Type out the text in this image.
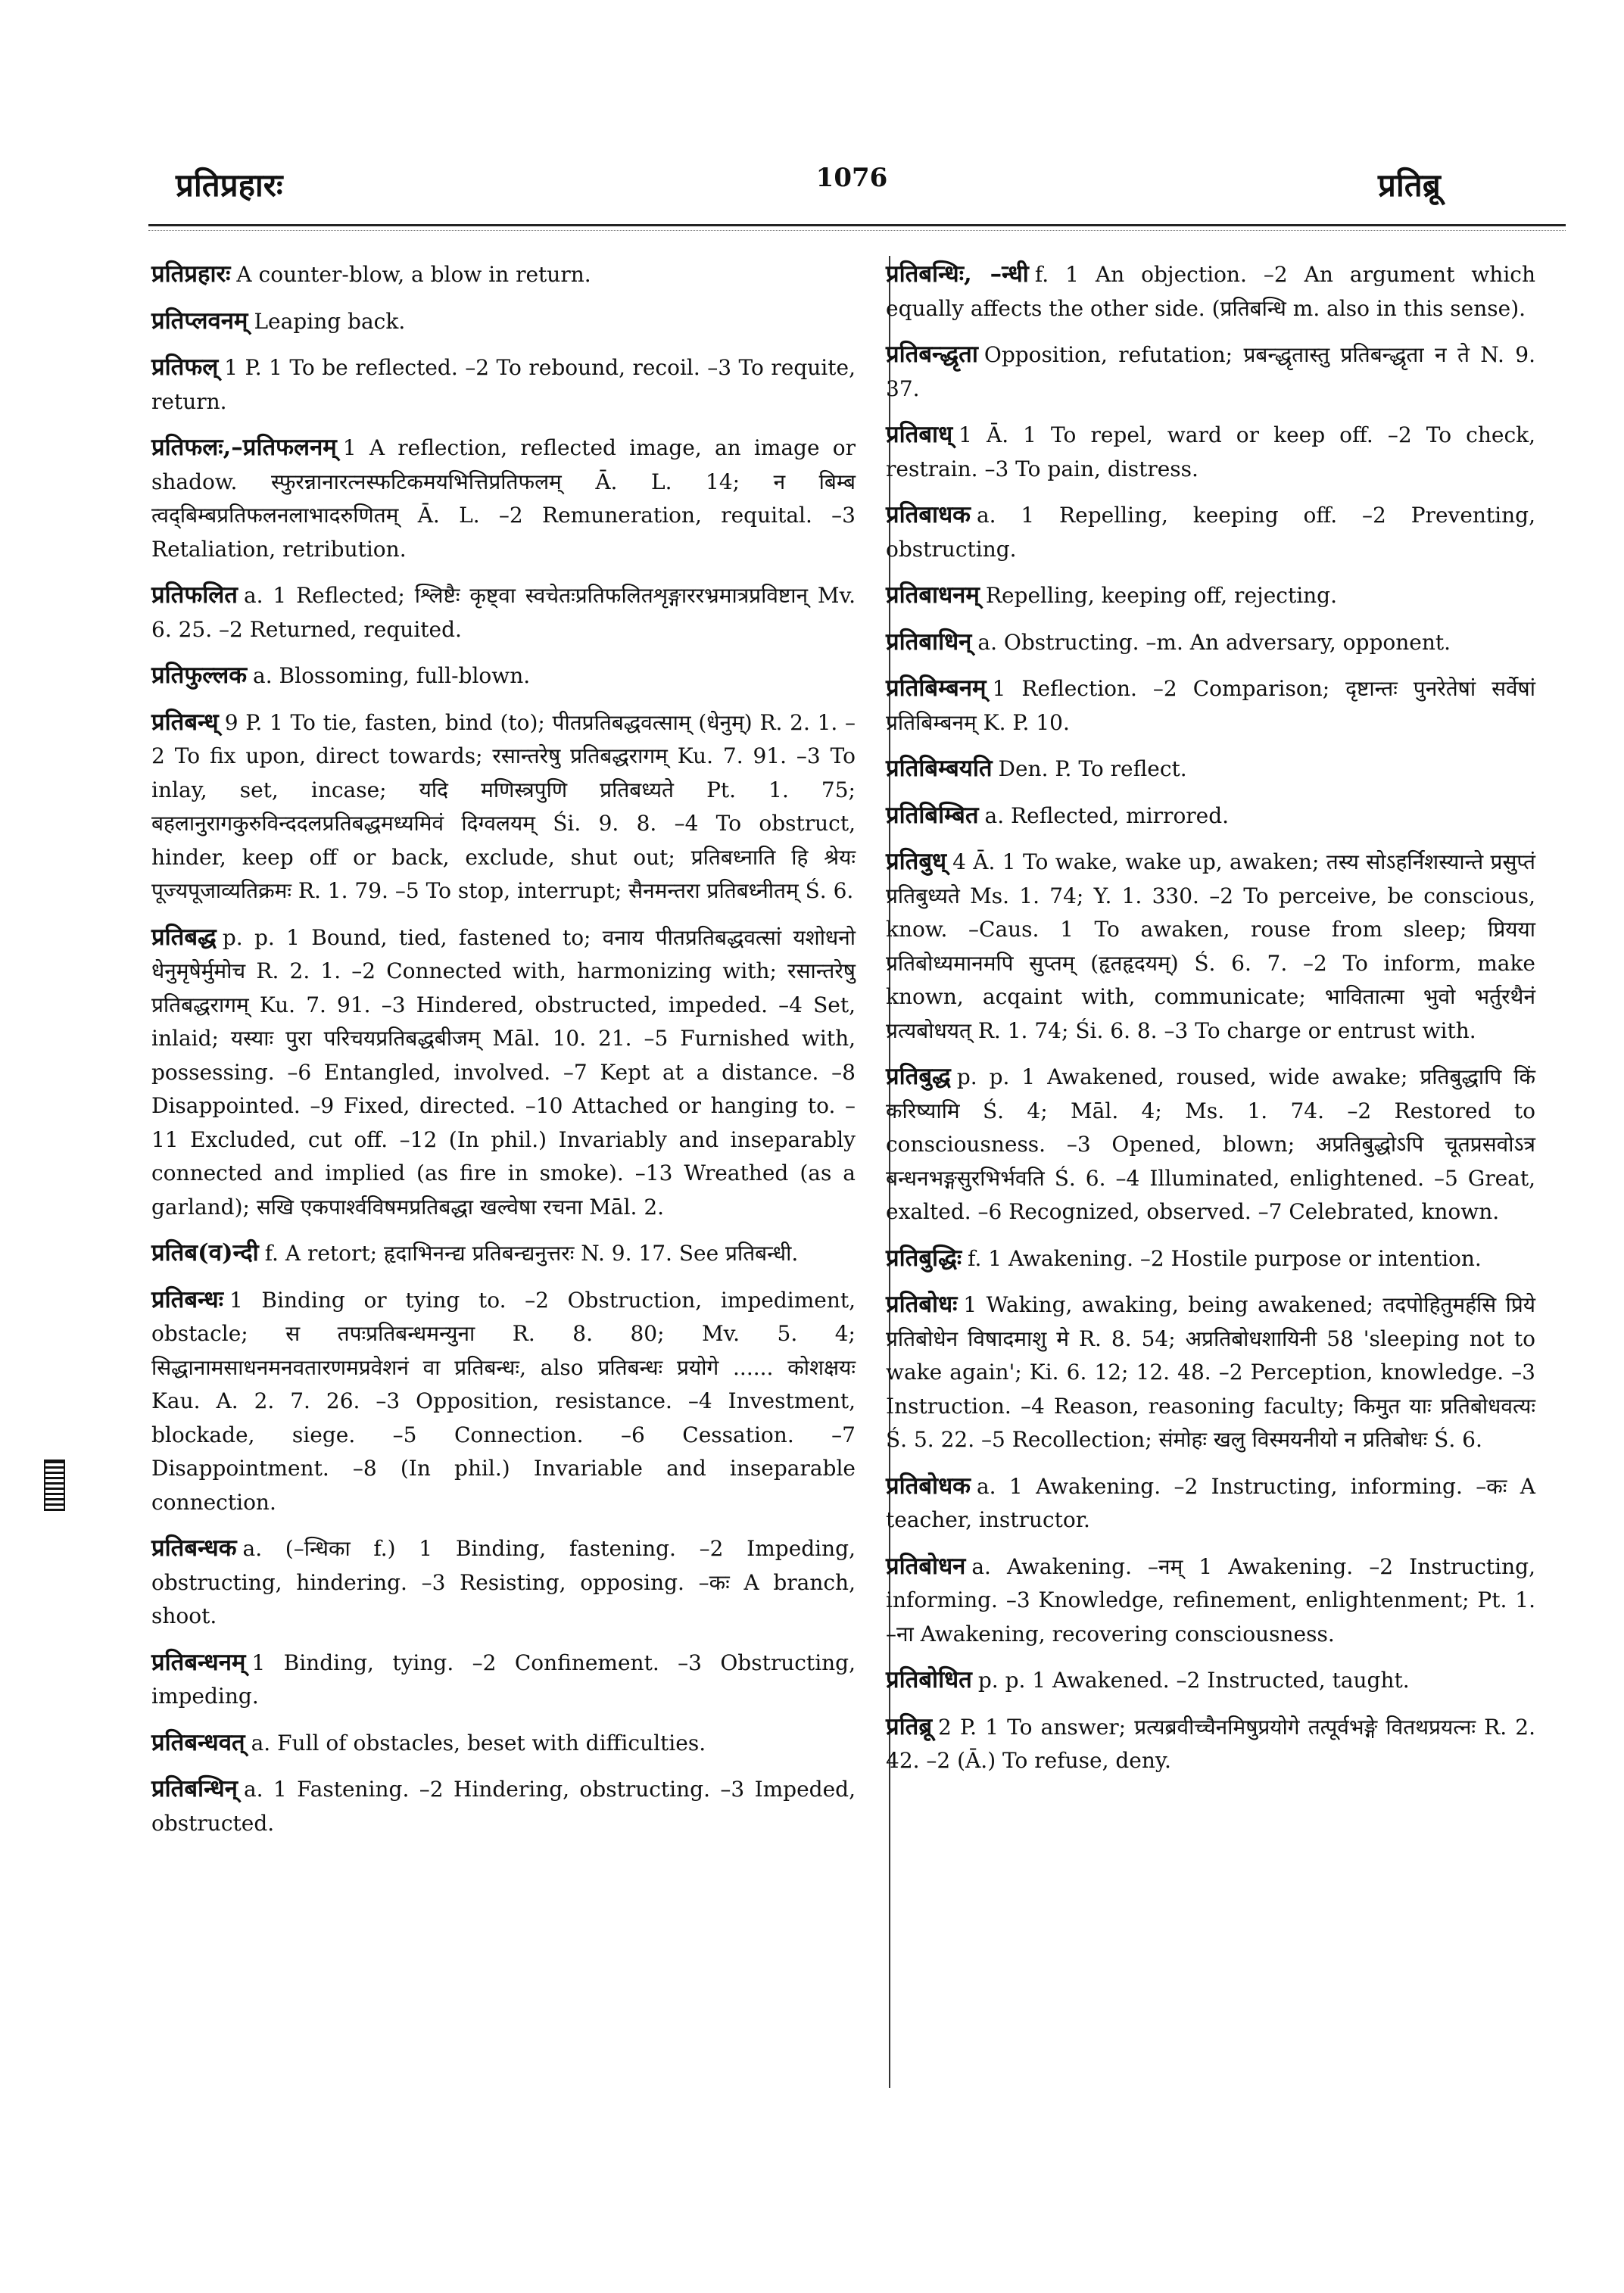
प्रतिप्रहारः	1076	प्रतिब्रू

प्रतिप्रहारः A counter-blow, a blow in return.

प्रतिप्लवनम् Leaping back.

प्रतिफल् 1 P. 1 To be reflected. –2 To rebound, recoil. –3 To requite, return.

प्रतिफलः,–प्रतिफलनम् 1 A reflection, reflected image, an image or shadow. स्फुरन्नानारत्नस्फटिकमयभित्तिप्रतिफलम् Ā. L. 14; न बिम्ब त्वद्‌बिम्बप्रतिफलनलाभादरुणितम् Ā. L. –2 Remuneration, requital. –3 Retaliation, retribution.

प्रतिफलित a. 1 Reflected; श्लिष्टैः कृष्ट्वा स्वचेतःप्रतिफलितशृङ्गाररभ्रमात्रप्रविष्टान् Mv. 6. 25. –2 Returned, requited.

प्रतिफुल्लक a. Blossoming, full-blown.

प्रतिबन्ध् 9 P. 1 To tie, fasten, bind (to); पीतप्रतिबद्धवत्साम् (धेनुम्) R. 2. 1. –2 To fix upon, direct towards; रसान्तरेषु प्रतिबद्धरागम् Ku. 7. 91. –3 To inlay, set, incase; यदि मणिस्त्रपुणि प्रतिबध्यते Pt. 1. 75; बहलानुरागकुरुविन्ददलप्रतिबद्धमध्यमिवं दिग्वलयम् Śi. 9. 8. –4 To obstruct, hinder, keep off or back, exclude, shut out; प्रतिबध्नाति हि श्रेयः पूज्यपूजाव्यतिक्रमः R. 1. 79. –5 To stop, interrupt; सैनमन्तरा प्रतिबध्नीतम् Ś. 6.

प्रतिबद्ध p. p. 1 Bound, tied, fastened to; वनाय पीतप्रतिबद्धवत्सां यशोधनो धेनुमृषेर्मुमोच R. 2. 1. –2 Connected with, harmonizing with; रसान्तरेषु प्रतिबद्धरागम् Ku. 7. 91. –3 Hindered, obstructed, impeded. –4 Set, inlaid; यस्याः पुरा परिचयप्रतिबद्धबीजम् Māl. 10. 21. –5 Furnished with, possessing. –6 Entangled, involved. –7 Kept at a distance. –8 Disappointed. –9 Fixed, directed. –10 Attached or hanging to. –11 Excluded, cut off. –12 (In phil.) Invariably and inseparably connected and implied (as fire in smoke). –13 Wreathed (as a garland); सखि एकपार्श्वविषमप्रतिबद्धा खल्वेषा रचना Māl. 2.

प्रतिब(व)न्दी f. A retort; हृदाभिनन्द्य प्रतिबन्द्यनुत्तरः N. 9. 17. See प्रतिबन्धी.

प्रतिबन्धः 1 Binding or tying to. –2 Obstruction, impediment, obstacle; स तपःप्रतिबन्धमन्युना R. 8. 80; Mv. 5. 4; सिद्धानामसाधनमनवतारणमप्रवेशनं वा प्रतिबन्धः, also प्रतिबन्धः प्रयोगे ...... कोशक्षयः Kau. A. 2. 7. 26. –3 Opposition, resistance. –4 Investment, blockade, siege. –5 Connection. –6 Cessation. –7 Disappointment. –8 (In phil.) Invariable and inseparable connection.

प्रतिबन्धक a. (–न्धिका f.) 1 Binding, fastening. –2 Impeding, obstructing, hindering. –3 Resisting, opposing. –कः A branch, shoot.

प्रतिबन्धनम् 1 Binding, tying. –2 Confinement. –3 Obstructing, impeding.

प्रतिबन्धवत् a. Full of obstacles, beset with difficulties.

प्रतिबन्धिन् a. 1 Fastening. –2 Hindering, obstructing. –3 Impeded, obstructed.

प्रतिबन्धिः, –न्धी f. 1 An objection. –2 An argument which equally affects the other side. (प्रतिबन्धि m. also in this sense).

प्रतिबन्द्धृता Opposition, refutation; प्रबन्द्धृतास्तु प्रतिबन्द्धृता न ते N. 9. 37.

प्रतिबाध् 1 Ā. 1 To repel, ward or keep off. –2 To check, restrain. –3 To pain, distress.

प्रतिबाधक a. 1 Repelling, keeping off. –2 Preventing, obstructing.

प्रतिबाधनम् Repelling, keeping off, rejecting.

प्रतिबाधिन् a. Obstructing. –m. An adversary, opponent.

प्रतिबिम्बनम् 1 Reflection. –2 Comparison; दृष्टान्तः पुनरेतेषां सर्वेषां प्रतिबिम्बनम् K. P. 10.

प्रतिबिम्बयति Den. P. To reflect.

प्रतिबिम्बित a. Reflected, mirrored.

प्रतिबुध् 4 Ā. 1 To wake, wake up, awaken; तस्य सोऽहर्निशस्यान्ते प्रसुप्तं प्रतिबुध्यते Ms. 1. 74; Y. 1. 330. –2 To perceive, be conscious, know. –Caus. 1 To awaken, rouse from sleep; प्रियया प्रतिबोध्यमानमपि सुप्तम् (हृतहृदयम्) Ś. 6. 7. –2 To inform, make known, acqaint with, communicate; भावितात्मा भुवो भर्तुरथैनं प्रत्यबोधयत् R. 1. 74; Śi. 6. 8. –3 To charge or entrust with.

प्रतिबुद्ध p. p. 1 Awakened, roused, wide awake; प्रतिबुद्धापि किं करिष्यामि Ś. 4; Māl. 4; Ms. 1. 74. –2 Restored to consciousness. –3 Opened, blown; अप्रतिबुद्धोऽपि चूतप्रसवोऽत्र बन्धनभङ्गसुरभिर्भवति Ś. 6. –4 Illuminated, enlightened. –5 Great, exalted. –6 Recognized, observed. –7 Celebrated, known.

प्रतिबुद्धिः f. 1 Awakening. –2 Hostile purpose or intention.

प्रतिबोधः 1 Waking, awaking, being awakened; तदपोहितुमर्हसि प्रिये प्रतिबोधेन विषादमाशु मे R. 8. 54; अप्रतिबोधशायिनी 58 'sleeping not to wake again'; Ki. 6. 12; 12. 48. –2 Perception, knowledge. –3 Instruction. –4 Reason, reasoning faculty; किमुत याः प्रतिबोधवत्यः Ś. 5. 22. –5 Recollection; संमोहः खलु विस्मयनीयो न प्रतिबोधः Ś. 6.

प्रतिबोधक a. 1 Awakening. –2 Instructing, informing. –कः A teacher, instructor.

प्रतिबोधन a. Awakening. –नम् 1 Awakening. –2 Instructing, informing. –3 Knowledge, refinement, enlightenment; Pt. 1. –ना Awakening, recovering consciousness.

प्रतिबोधित p. p. 1 Awakened. –2 Instructed, taught.

प्रतिब्रू 2 P. 1 To answer; प्रत्यब्रवीच्चैनमिषुप्रयोगे तत्पूर्वभङ्गे वितथप्रयत्नः R. 2. 42. –2 (Ā.) To refuse, deny.
